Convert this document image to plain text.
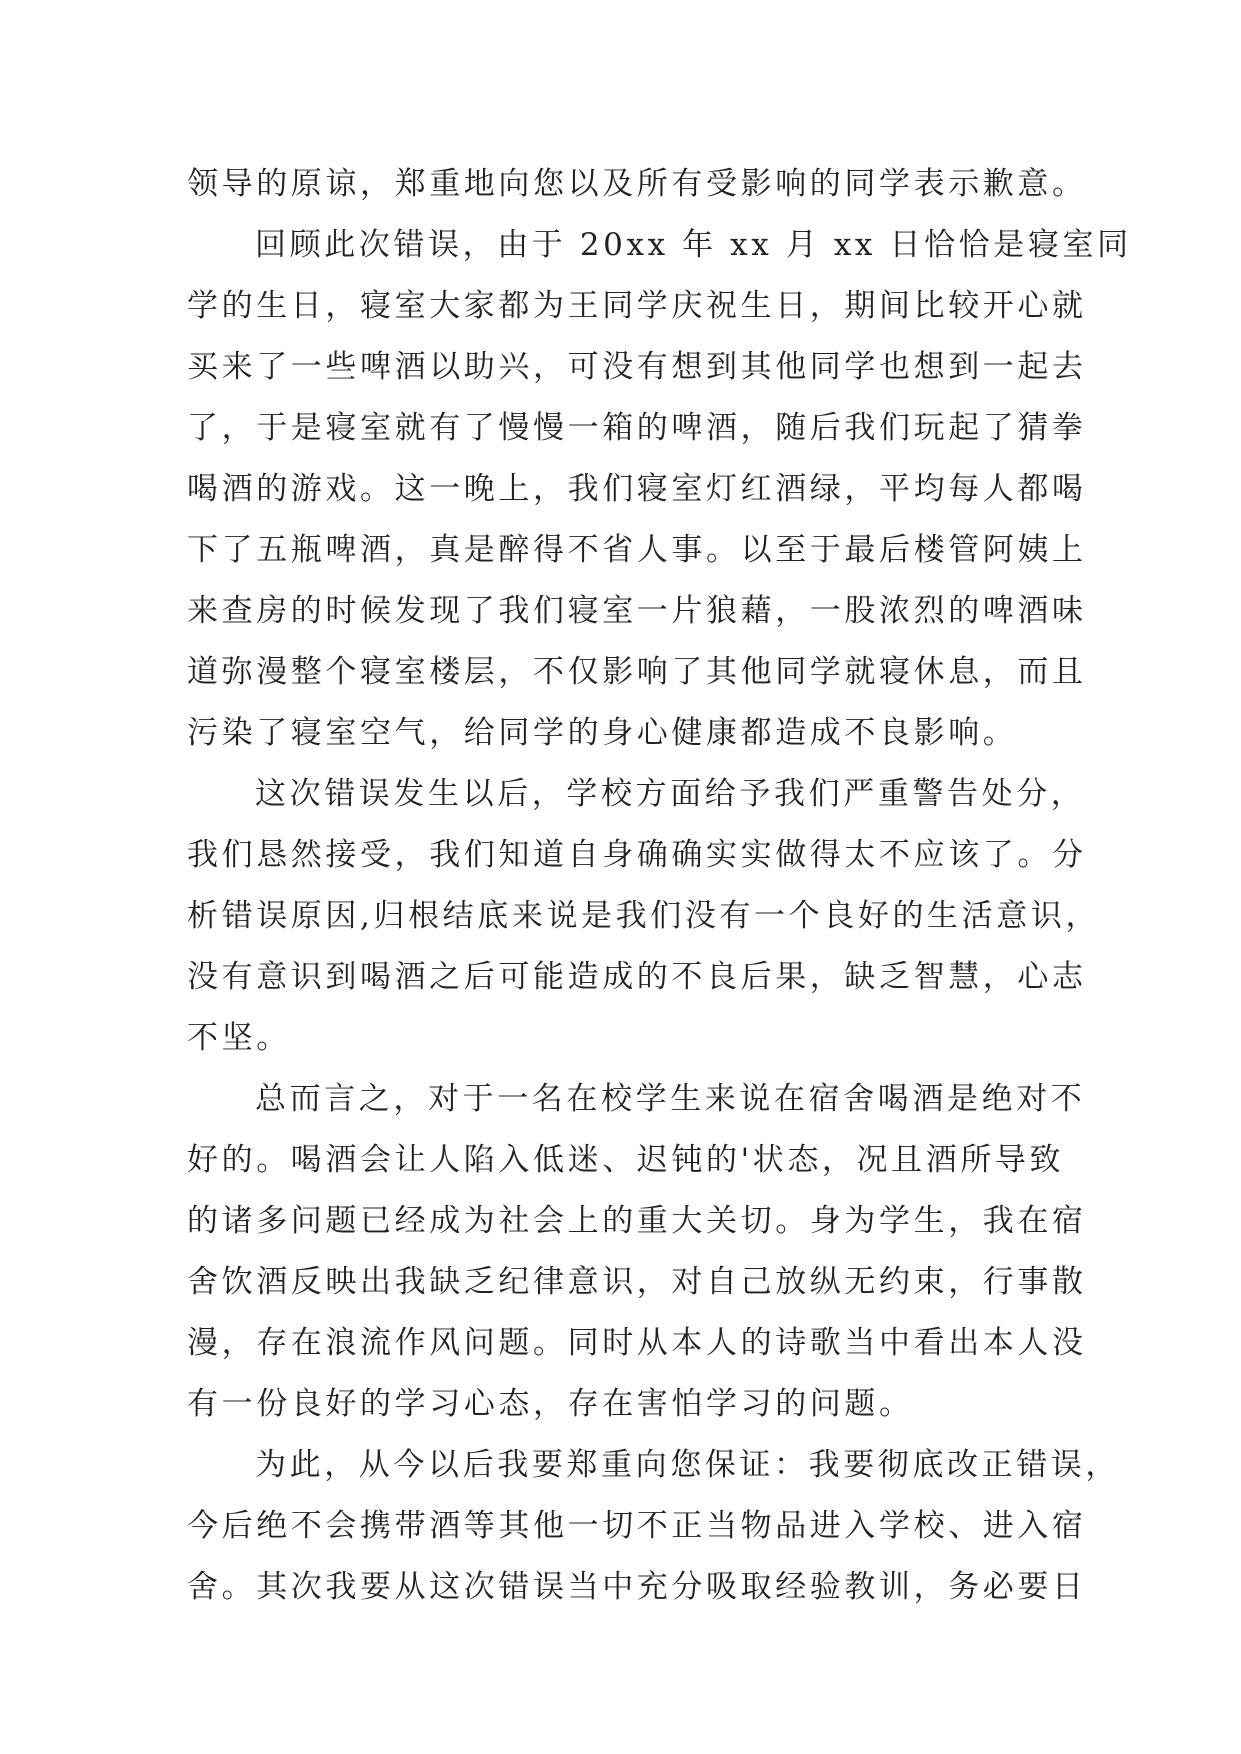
领导的原谅，郑重地向您以及所有受影响的同学表示歉意。
回顾此次错误，由于 20xx 年 xx 月 xx 日恰恰是寝室同
学的生日，寝室大家都为王同学庆祝生日，期间比较开心就
买来了一些啤酒以助兴，可没有想到其他同学也想到一起去
了，于是寝室就有了慢慢一箱的啤酒，随后我们玩起了猜拳
喝酒的游戏。这一晚上，我们寝室灯红酒绿，平均每人都喝
下了五瓶啤酒，真是醉得不省人事。以至于最后楼管阿姨上
来查房的时候发现了我们寝室一片狼藉，一股浓烈的啤酒味
道弥漫整个寝室楼层，不仅影响了其他同学就寝休息，而且
污染了寝室空气，给同学的身心健康都造成不良影响。
这次错误发生以后，学校方面给予我们严重警告处分，
我们恳然接受，我们知道自身确确实实做得太不应该了。分
析错误原因,归根结底来说是我们没有一个良好的生活意识，
没有意识到喝酒之后可能造成的不良后果，缺乏智慧，心志
不坚。
总而言之，对于一名在校学生来说在宿舍喝酒是绝对不
好的。喝酒会让人陷入低迷、迟钝的'状态，况且酒所导致
的诸多问题已经成为社会上的重大关切。身为学生，我在宿
舍饮酒反映出我缺乏纪律意识，对自己放纵无约束，行事散
漫，存在浪流作风问题。同时从本人的诗歌当中看出本人没
有一份良好的学习心态，存在害怕学习的问题。
为此，从今以后我要郑重向您保证：我要彻底改正错误，
今后绝不会携带酒等其他一切不正当物品进入学校、进入宿
舍。其次我要从这次错误当中充分吸取经验教训，务必要日
